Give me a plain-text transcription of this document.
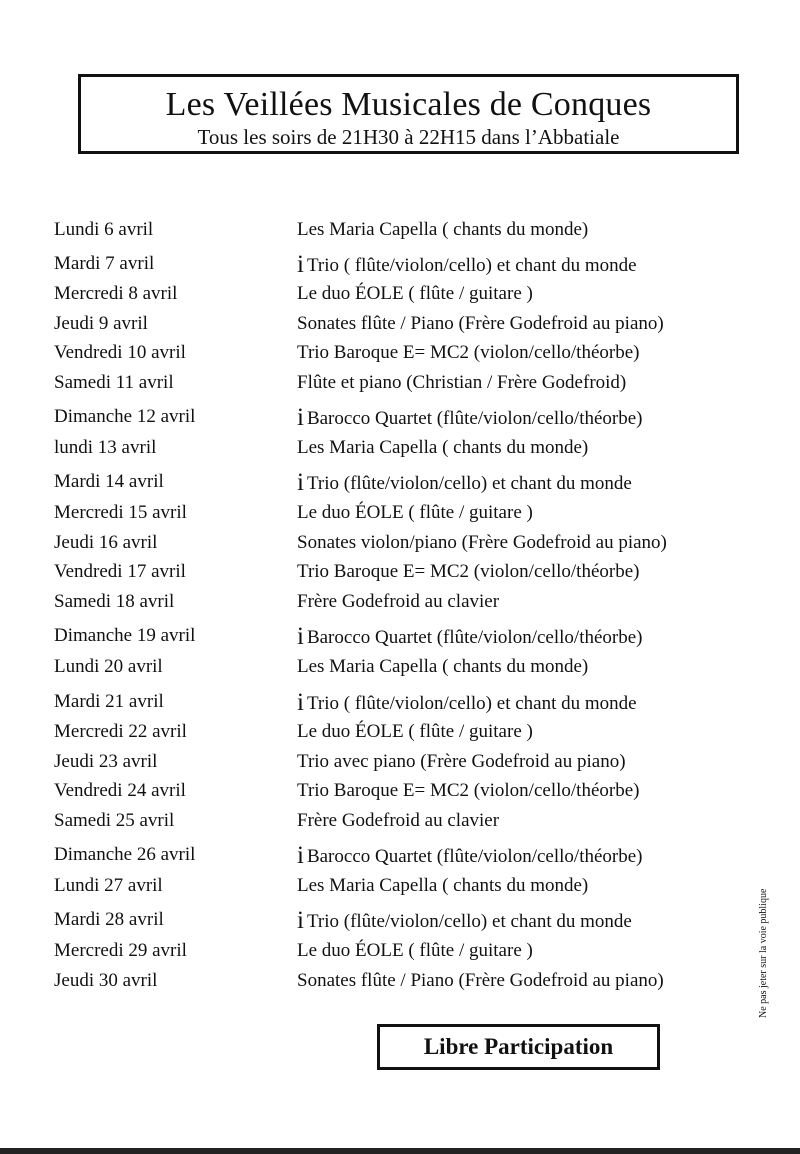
Les Veillées Musicales de Conques
Tous les soirs de 21H30 à 22H15 dans l’Abbatiale
Lundi 6 avril	Les Maria Capella ( chants du monde)
Mardi 7 avril	i Trio ( flûte/violon/cello) et chant du monde
Mercredi 8 avril	Le duo ÉOLE ( flûte / guitare )
Jeudi 9 avril	Sonates flûte / Piano (Frère Godefroid au piano)
Vendredi 10 avril	Trio Baroque E= MC2 (violon/cello/théorbe)
Samedi 11 avril	Flûte et piano (Christian / Frère Godefroid)
Dimanche 12 avril	i Barocco Quartet (flûte/violon/cello/théorbe)
lundi 13 avril	Les Maria Capella ( chants du monde)
Mardi 14 avril	i Trio (flûte/violon/cello) et chant du monde
Mercredi 15 avril	Le duo ÉOLE ( flûte / guitare )
Jeudi 16 avril	Sonates violon/piano (Frère Godefroid au piano)
Vendredi 17 avril	Trio Baroque E= MC2 (violon/cello/théorbe)
Samedi 18 avril	Frère Godefroid au clavier
Dimanche 19 avril	i Barocco Quartet (flûte/violon/cello/théorbe)
Lundi 20 avril	Les Maria Capella ( chants du monde)
Mardi 21 avril	i Trio ( flûte/violon/cello) et chant du monde
Mercredi 22 avril	Le duo ÉOLE ( flûte / guitare )
Jeudi 23 avril	Trio avec piano (Frère Godefroid au piano)
Vendredi 24 avril	Trio Baroque E= MC2 (violon/cello/théorbe)
Samedi 25 avril	Frère Godefroid au clavier
Dimanche 26 avril	i Barocco Quartet (flûte/violon/cello/théorbe)
Lundi 27 avril	Les Maria Capella ( chants du monde)
Mardi 28 avril	i Trio (flûte/violon/cello) et chant du monde
Mercredi 29 avril	Le duo ÉOLE ( flûte / guitare )
Jeudi 30 avril	Sonates flûte / Piano (Frère Godefroid au piano)	Ne pas jeter sur la voie publique
Libre Participation
